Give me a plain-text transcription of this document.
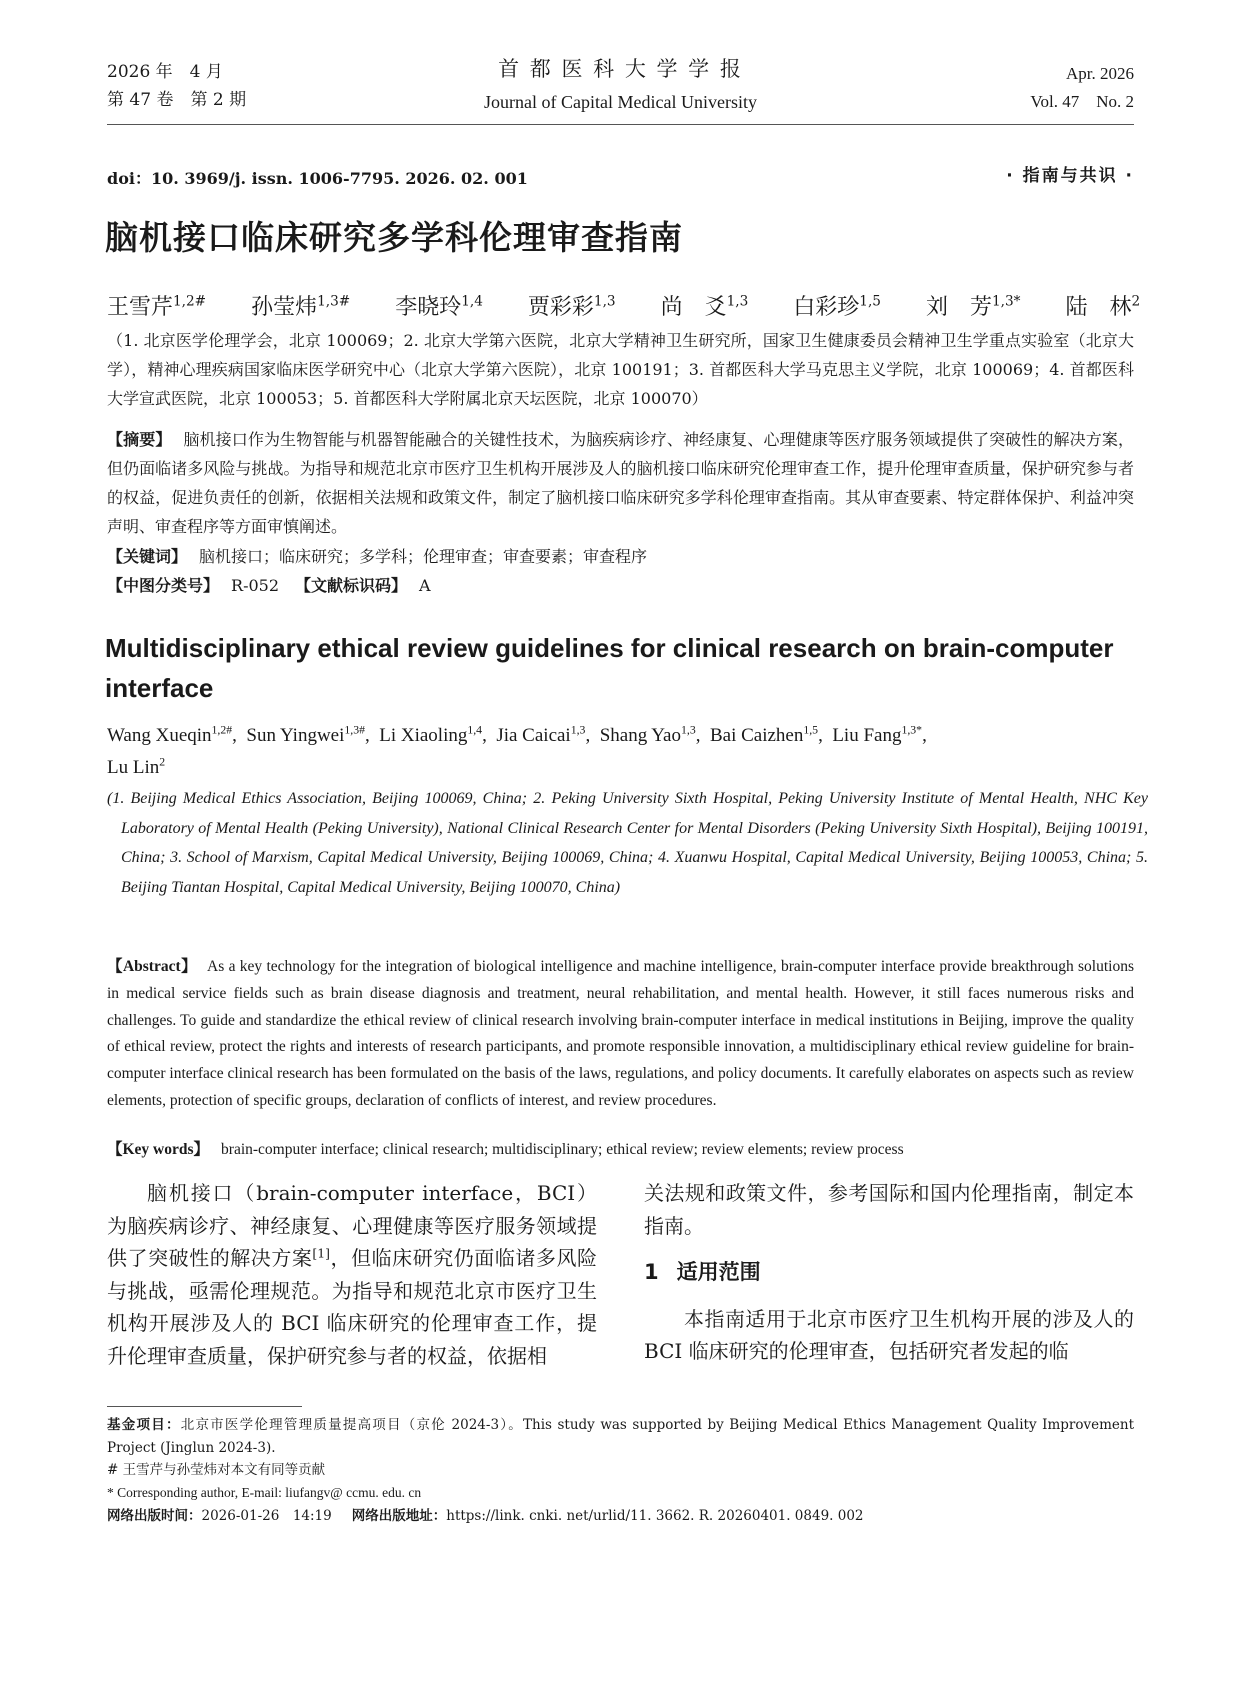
2026 年　4 月
第 47 卷　第 2 期
首 都 医 科 大 学 学 报
Journal of Capital Medical University
Apr. 2026
Vol. 47　No. 2
doi：10. 3969/j. issn. 1006-7795. 2026. 02. 001	· 指南与共识 ·
脑机接口临床研究多学科伦理审查指南
王雪芹$^{1,2\#}$ 孙莹炜$^{1,3\#}$ 李晓玲$^{1,4}$ 贾彩彩$^{1,3}$ 尚　爻$^{1,3}$ 白彩珍$^{1,5}$ 刘　芳$^{1,3*}$ 陆　林$^2$
（1. 北京医学伦理学会，北京 100069；2. 北京大学第六医院，北京大学精神卫生研究所，国家卫生健康委员会精神卫生学重点实验室（北京大学），精神心理疾病国家临床医学研究中心（北京大学第六医院），北京 100191；3. 首都医科大学马克思主义学院，北京 100069；4. 首都医科大学宣武医院，北京 100053；5. 首都医科大学附属北京天坛医院，北京 100070）
【摘要】 脑机接口作为生物智能与机器智能融合的关键性技术，为脑疾病诊疗、神经康复、心理健康等医疗服务领域提供了突破性的解决方案，但仍面临诸多风险与挑战。为指导和规范北京市医疗卫生机构开展涉及人的脑机接口临床研究伦理审查工作，提升伦理审查质量，保护研究参与者的权益，促进负责任的创新，依据相关法规和政策文件，制定了脑机接口临床研究多学科伦理审查指南。其从审查要素、特定群体保护、利益冲突声明、审查程序等方面审慎阐述。
【关键词】 脑机接口；临床研究；多学科；伦理审查；审查要素；审查程序
【中图分类号】 R-052 【文献标识码】 A
Multidisciplinary ethical review guidelines for clinical research on brain-computer interface
Wang Xueqin$^{1,2\#}$,  Sun Yingwei$^{1,3\#}$,  Li Xiaoling$^{1,4}$,  Jia Caicai$^{1,3}$,  Shang Yao$^{1,3}$,  Bai Caizhen$^{1,5}$,  Liu Fang$^{1,3*}$,
Lu Lin$^2$
(1. Beijing Medical Ethics Association, Beijing 100069, China; 2. Peking University Sixth Hospital, Peking University Institute of Mental Health, NHC Key Laboratory of Mental Health (Peking University), National Clinical Research Center for Mental Disorders (Peking University Sixth Hospital), Beijing 100191, China; 3. School of Marxism, Capital Medical University, Beijing 100069, China; 4. Xuanwu Hospital, Capital Medical University, Beijing 100053, China; 5. Beijing Tiantan Hospital, Capital Medical University, Beijing 100070, China)
【Abstract】 As a key technology for the integration of biological intelligence and machine intelligence, brain-computer interface provide breakthrough solutions in medical service fields such as brain disease diagnosis and treatment, neural rehabilitation, and mental health. However, it still faces numerous risks and challenges. To guide and standardize the ethical review of clinical research involving brain-computer interface in medical institutions in Beijing, improve the quality of ethical review, protect the rights and interests of research participants, and promote responsible innovation, a multidisciplinary ethical review guideline for brain-computer interface clinical research has been formulated on the basis of the laws, regulations, and policy documents. It carefully elaborates on aspects such as review elements, protection of specific groups, declaration of conflicts of interest, and review procedures.
【Key words】 brain-computer interface; clinical research; multidisciplinary; ethical review; review elements; review process

脑机接口（brain-computer interface，BCI）为脑疾病诊疗、神经康复、心理健康等医疗服务领域提供了突破性的解决方案[1]，但临床研究仍面临诸多风险与挑战，亟需伦理规范。为指导和规范北京市医疗卫生机构开展涉及人的 BCI 临床研究的伦理审查工作，提升伦理审查质量，保护研究参与者的权益，依据相

关法规和政策文件，参考国际和国内伦理指南，制定本指南。

1 适用范围

本指南适用于北京市医疗卫生机构开展的涉及人的 BCI 临床研究的伦理审查，包括研究者发起的临

基金项目：北京市医学伦理管理质量提高项目（京伦 2024-3）。This study was supported by Beijing Medical Ethics Management Quality Improvement Project (Jinglun 2024-3).
# 王雪芹与孙莹炜对本文有同等贡献
* Corresponding author, E-mail: liufangv@ ccmu. edu. cn
网络出版时间：2026-01-26　14:19 网络出版地址：https://link. cnki. net/urlid/11. 3662. R. 20260401. 0849. 002
